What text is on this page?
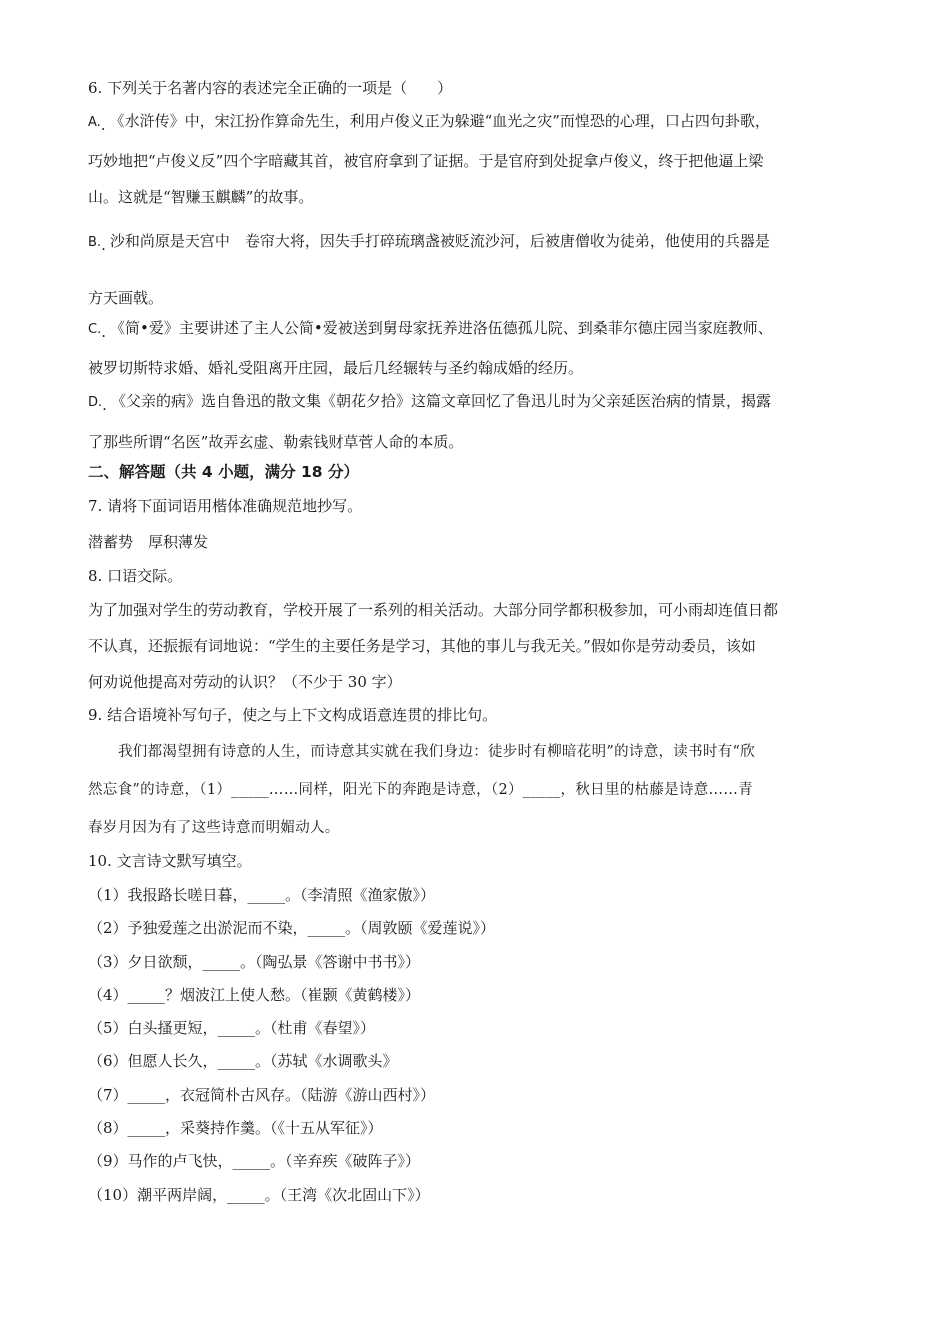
6. 下列关于名著内容的表述完全正确的一项是（　　）
A.. 《水浒传》中，宋江扮作算命先生，利用卢俊义正为躲避“血光之灾”而惶恐的心理，口占四句卦歌，
巧妙地把“卢俊义反”四个字暗藏其首，被官府拿到了证据。于是官府到处捉拿卢俊义，终于把他逼上梁
山。这就是“智赚玉麒麟”的故事。
B.. 沙和尚原是天宫中　卷帘大将，因失手打碎琉璃盏被贬流沙河，后被唐僧收为徒弟，他使用的兵器是
方天画戟。
C.. 《简•爱》主要讲述了主人公简•爱被送到舅母家抚养进洛伍德孤儿院、到桑菲尔德庄园当家庭教师、
被罗切斯特求婚、婚礼受阻离开庄园，最后几经辗转与圣约翰成婚的经历。
D.. 《父亲的病》选自鲁迅的散文集《朝花夕拾》这篇文章回忆了鲁迅儿时为父亲延医治病的情景，揭露
了那些所谓“名医”故弄玄虚、勒索钱财草菅人命的本质。
二、解答题（共 4 小题，满分 18 分）
7. 请将下面词语用楷体准确规范地抄写。
潜蓄势　厚积薄发
8. 口语交际。
为了加强对学生的劳动教育，学校开展了一系列的相关活动。大部分同学都积极参加，可小雨却连值日都
不认真，还振振有词地说：“学生的主要任务是学习，其他的事儿与我无关。”假如你是劳动委员，该如
何劝说他提高对劳动的认识？（不少于 30 字）
9. 结合语境补写句子，使之与上下文构成语意连贯的排比句。
我们都渴望拥有诗意的人生，而诗意其实就在我们身边：徒步时有柳暗花明”的诗意，读书时有“欣
然忘食”的诗意，（1）_____……同样，阳光下的奔跑是诗意，（2）_____，秋日里的枯藤是诗意……青
春岁月因为有了这些诗意而明媚动人。
10. 文言诗文默写填空。
（1）我报路长嗟日暮，_____。（李清照《渔家傲》）
（2）予独爱莲之出淤泥而不染，_____。（周敦颐《爱莲说》）
（3）夕日欲颓，_____。（陶弘景《答谢中书书》）
（4）_____？烟波江上使人愁。（崔颢《黄鹤楼》）
（5）白头搔更短，_____。（杜甫《春望》）
（6）但愿人长久，_____。（苏轼《水调歌头》
（7）_____，衣冠简朴古风存。（陆游《游山西村》）
（8）_____，采葵持作羹。（《十五从军征》）
（9）马作的卢飞快，_____。（辛弃疾《破阵子》）
（10）潮平两岸阔，_____。（王湾《次北固山下》）
